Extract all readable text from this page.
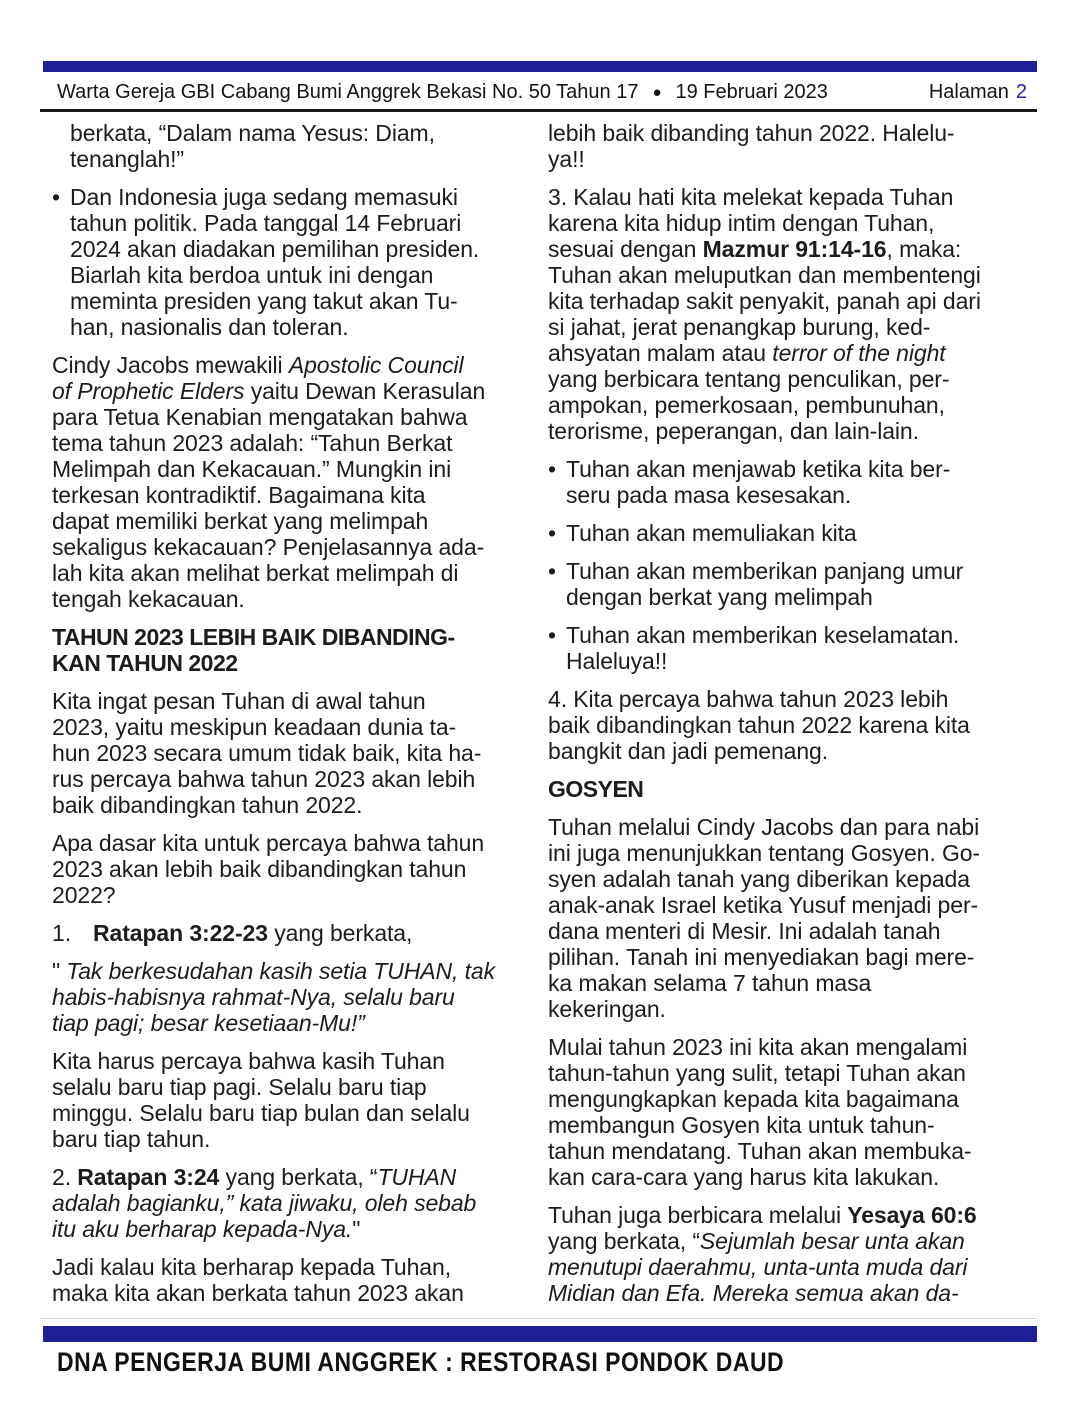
Warta Gereja GBI Cabang Bumi Anggrek Bekasi No. 50 Tahun 17 ● 19 Februari 2023	Halaman 2
berkata, “Dalam nama Yesus: Diam,
tenanglah!”
• Dan Indonesia juga sedang memasuki
tahun politik. Pada tanggal 14 Februari
2024 akan diadakan pemilihan presiden.
Biarlah kita berdoa untuk ini dengan
meminta presiden yang takut akan Tu-
han, nasionalis dan toleran.
Cindy Jacobs mewakili Apostolic Council
of Prophetic Elders yaitu Dewan Kerasulan
para Tetua Kenabian mengatakan bahwa
tema tahun 2023 adalah: “Tahun Berkat
Melimpah dan Kekacauan.” Mungkin ini
terkesan kontradiktif. Bagaimana kita
dapat memiliki berkat yang melimpah
sekaligus kekacauan? Penjelasannya ada-
lah kita akan melihat berkat melimpah di
tengah kekacauan.
TAHUN 2023 LEBIH BAIK DIBANDING-
KAN TAHUN 2022
Kita ingat pesan Tuhan di awal tahun
2023, yaitu meskipun keadaan dunia ta-
hun 2023 secara umum tidak baik, kita ha-
rus percaya bahwa tahun 2023 akan lebih
baik dibandingkan tahun 2022.
Apa dasar kita untuk percaya bahwa tahun
2023 akan lebih baik dibandingkan tahun
2022?
1. Ratapan 3:22-23 yang berkata,
" Tak berkesudahan kasih setia TUHAN, tak
habis-habisnya rahmat-Nya, selalu baru
tiap pagi; besar kesetiaan-Mu!”
Kita harus percaya bahwa kasih Tuhan
selalu baru tiap pagi. Selalu baru tiap
minggu. Selalu baru tiap bulan dan selalu
baru tiap tahun.
2. Ratapan 3:24 yang berkata, “TUHAN
adalah bagianku,” kata jiwaku, oleh sebab
itu aku berharap kepada-Nya."
Jadi kalau kita berharap kepada Tuhan,
maka kita akan berkata tahun 2023 akan
lebih baik dibanding tahun 2022. Halelu-
ya!!
3. Kalau hati kita melekat kepada Tuhan
karena kita hidup intim dengan Tuhan,
sesuai dengan Mazmur 91:14-16, maka:
Tuhan akan meluputkan dan membentengi
kita terhadap sakit penyakit, panah api dari
si jahat, jerat penangkap burung, ked-
ahsyatan malam atau terror of the night
yang berbicara tentang penculikan, per-
ampokan, pemerkosaan, pembunuhan,
terorisme, peperangan, dan lain-lain.
• Tuhan akan menjawab ketika kita ber-
seru pada masa kesesakan.
• Tuhan akan memuliakan kita
• Tuhan akan memberikan panjang umur
dengan berkat yang melimpah
• Tuhan akan memberikan keselamatan.
Haleluya!!
4. Kita percaya bahwa tahun 2023 lebih
baik dibandingkan tahun 2022 karena kita
bangkit dan jadi pemenang.
GOSYEN
Tuhan melalui Cindy Jacobs dan para nabi
ini juga menunjukkan tentang Gosyen. Go-
syen adalah tanah yang diberikan kepada
anak-anak Israel ketika Yusuf menjadi per-
dana menteri di Mesir. Ini adalah tanah
pilihan. Tanah ini menyediakan bagi mere-
ka makan selama 7 tahun masa
kekeringan.
Mulai tahun 2023 ini kita akan mengalami
tahun-tahun yang sulit, tetapi Tuhan akan
mengungkapkan kepada kita bagaimana
membangun Gosyen kita untuk tahun-
tahun mendatang. Tuhan akan membuka-
kan cara-cara yang harus kita lakukan.
Tuhan juga berbicara melalui Yesaya 60:6
yang berkata, “Sejumlah besar unta akan
menutupi daerahmu, unta-unta muda dari
Midian dan Efa. Mereka semua akan da-
DNA PENGERJA BUMI ANGGREK : RESTORASI PONDOK DAUD
